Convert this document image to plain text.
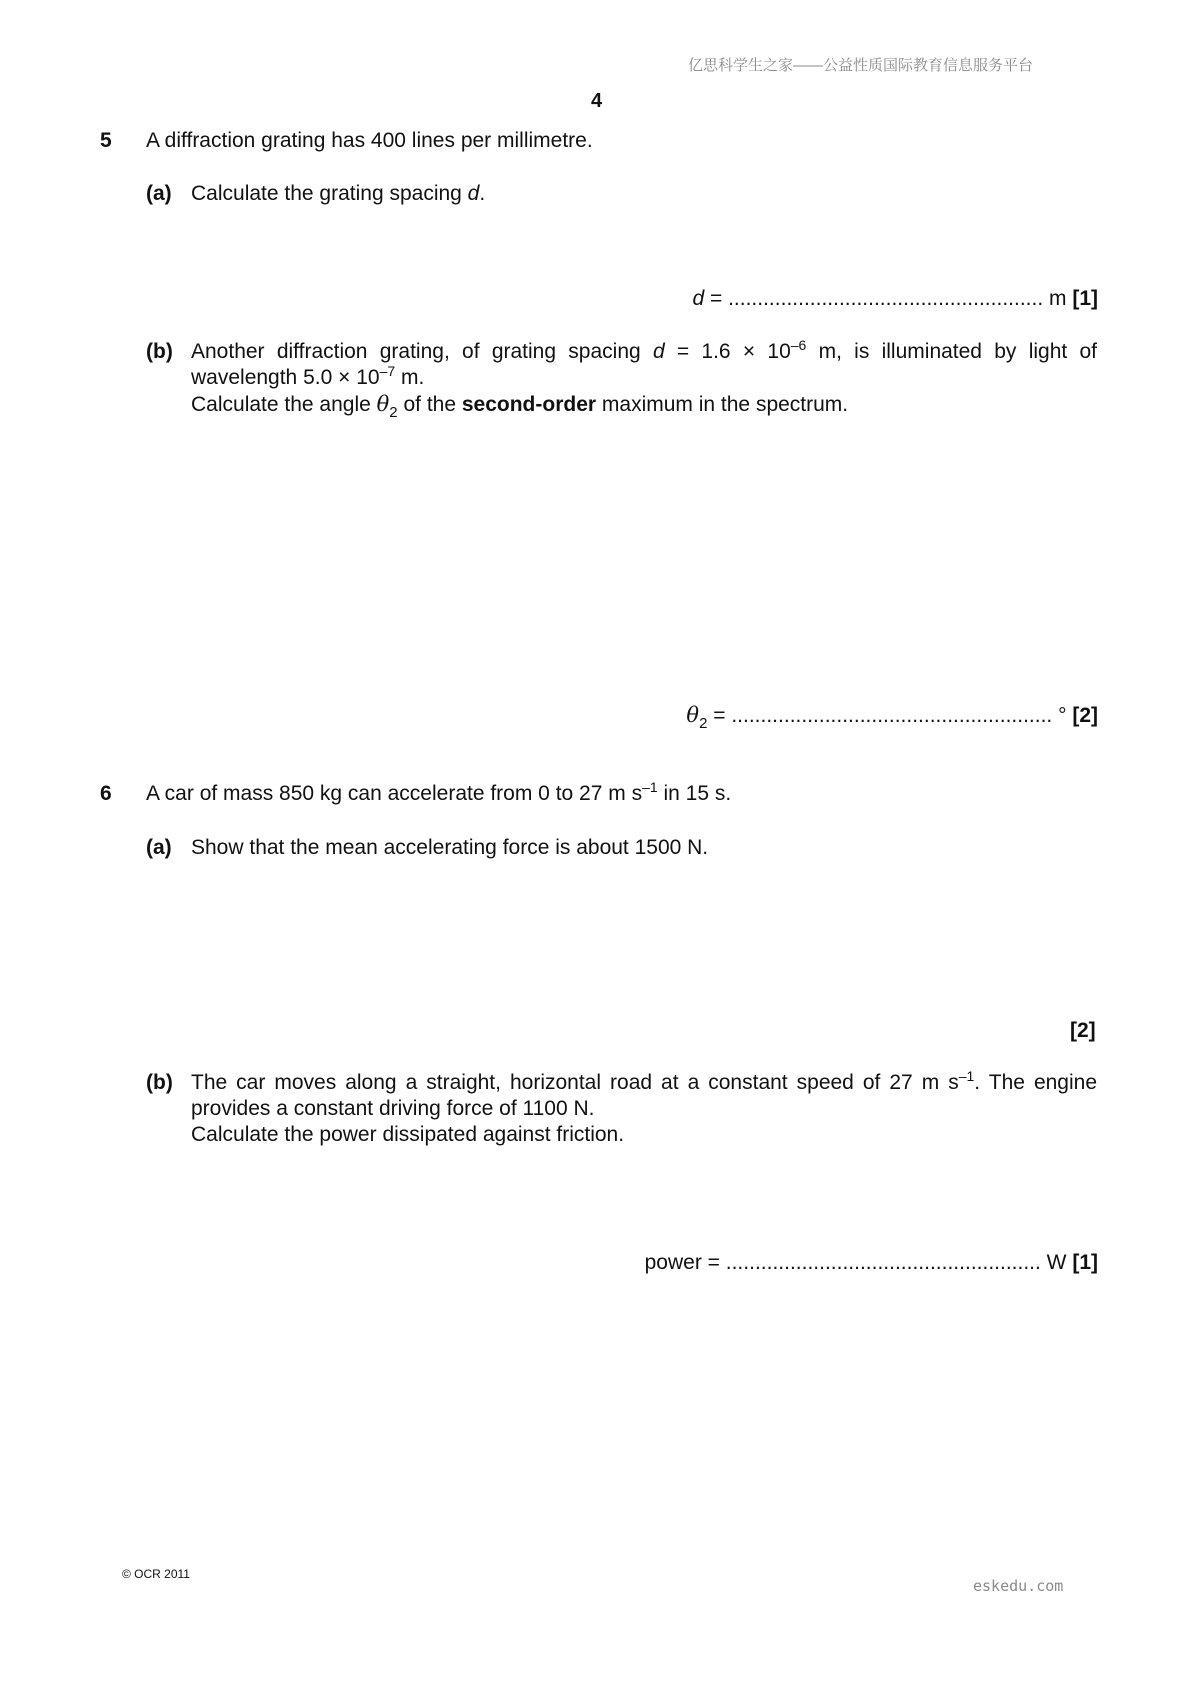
亿思科学生之家——公益性质国际教育信息服务平台
4
5 A diffraction grating has 400 lines per millimetre.
(a) Calculate the grating spacing d.
d = ...................................................... m [1]
(b) Another diffraction grating, of grating spacing $d = 1.6 \times 10^{-6}$ m, is illuminated by light of
wavelength $5.0 \times 10^{-7}$ m.
Calculate the angle $\theta_2$ of the second-order maximum in the spectrum.
$\theta_2$ = ....................................................... ° [2]
6 A car of mass 850 kg can accelerate from 0 to 27 m $s^{-1}$ in 15 s.
(a) Show that the mean accelerating force is about 1500 N.
[2]
(b) The car moves along a straight, horizontal road at a constant speed of 27 m $s^{-1}$. The engine
provides a constant driving force of 1100 N.
Calculate the power dissipated against friction.
power = ...................................................... W [1]
© OCR 2011
eskedu.com
